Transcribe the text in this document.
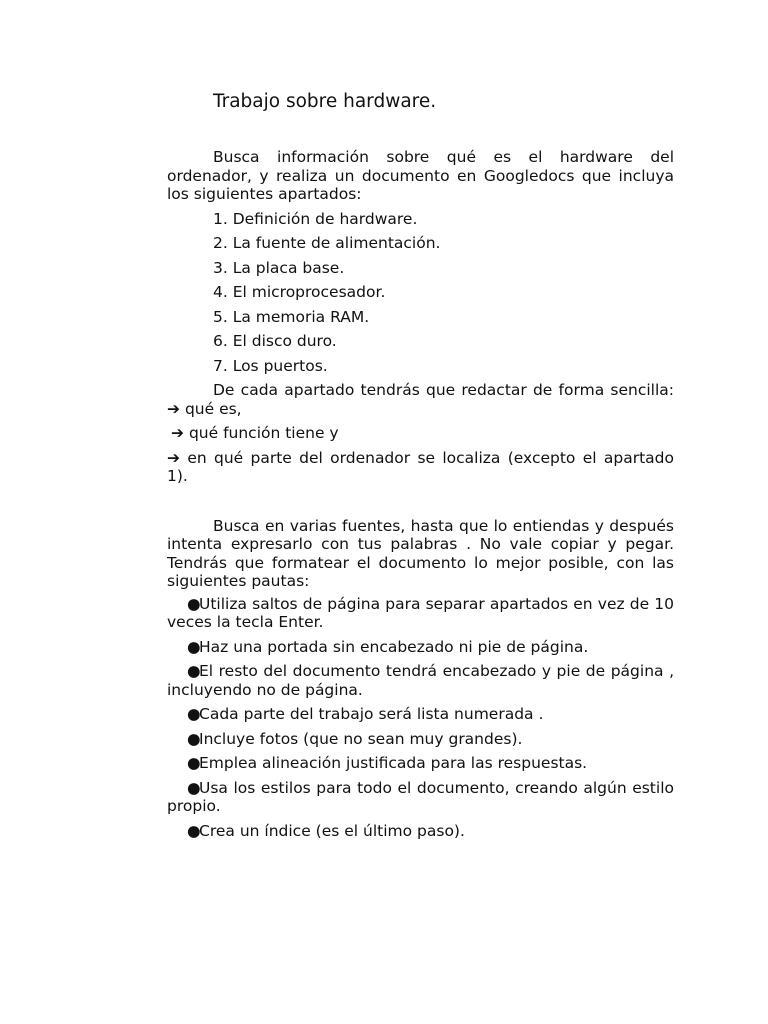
Trabajo sobre hardware.

Busca información sobre qué es el hardware del ordenador, y realiza un documento en Googledocs que incluya los siguientes apartados:

1. Definición de hardware.

2. La fuente de alimentación.

3. La placa base.

4. El microprocesador.

5. La memoria RAM.

6. El disco duro.

7. Los puertos.

De cada apartado tendrás que redactar de forma sencilla: ➔ qué es,

➔ qué función tiene y

➔ en qué parte del ordenador se localiza (excepto el apartado 1).

Busca en varias fuentes, hasta que lo entiendas y después intenta expresarlo con tus palabras . No vale copiar y pegar. Tendrás que formatear el documento lo mejor posible, con las siguientes pautas:

●Utiliza saltos de página para separar apartados en vez de 10 veces la tecla Enter.

●Haz una portada sin encabezado ni pie de página.

●El resto del documento tendrá encabezado y pie de página , incluyendo no de página.

●Cada parte del trabajo será lista numerada .

●Incluye fotos (que no sean muy grandes).

●Emplea alineación justificada para las respuestas.

●Usa los estilos para todo el documento, creando algún estilo propio.

●Crea un índice (es el último paso).
